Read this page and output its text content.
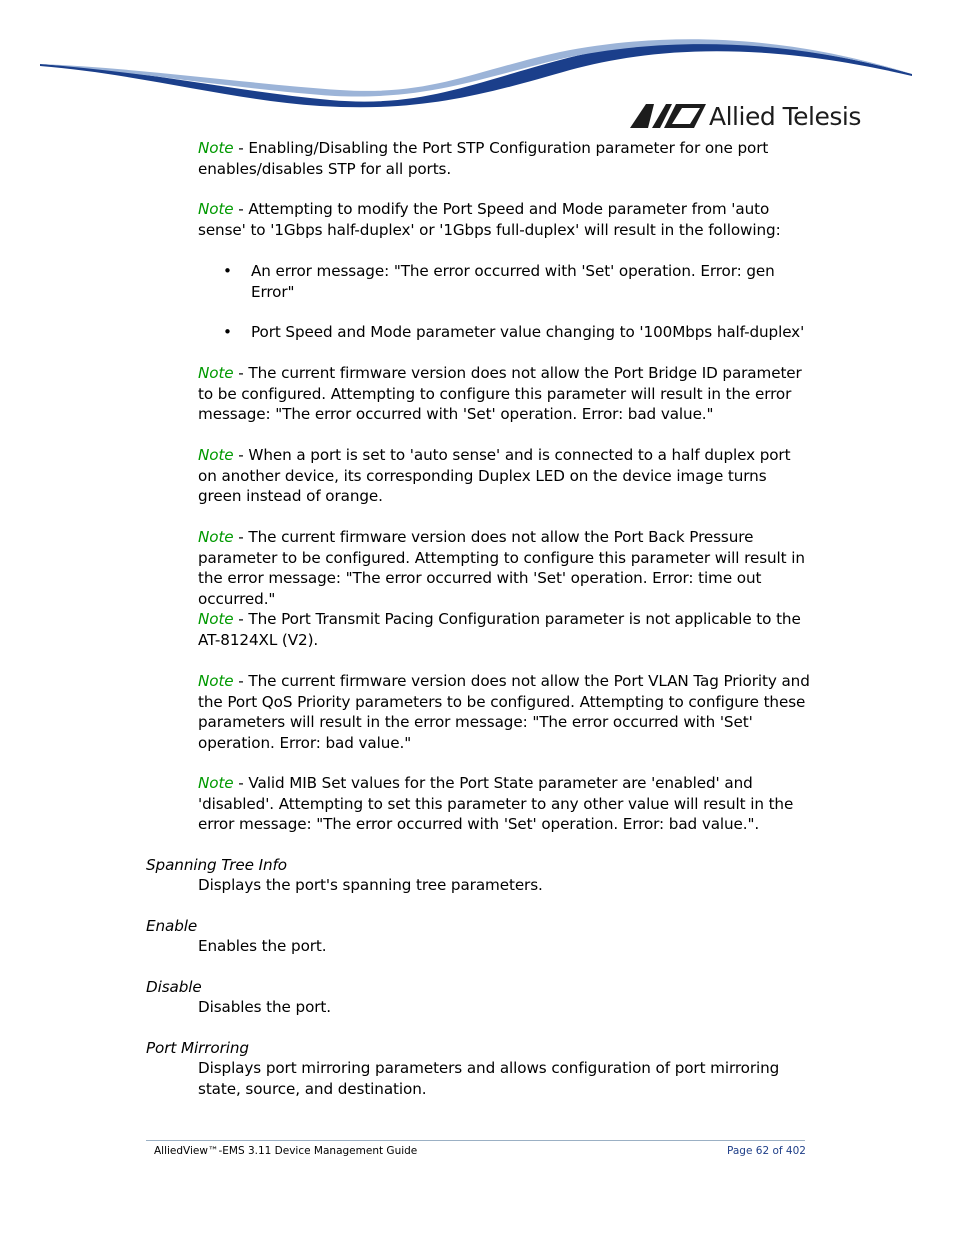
Allied Telesis
Note - Enabling/Disabling the Port STP Configuration parameter for one port enables/disables STP for all ports.
Note - Attempting to modify the Port Speed and Mode parameter from 'auto sense' to '1Gbps half-duplex' or '1Gbps full-duplex' will result in the following:
• An error message: "The error occurred with 'Set' operation. Error: gen Error"
• Port Speed and Mode parameter value changing to '100Mbps half-duplex'
Note - The current firmware version does not allow the Port Bridge ID parameter to be configured. Attempting to configure this parameter will result in the error message: "The error occurred with 'Set' operation. Error: bad value."
Note - When a port is set to 'auto sense' and is connected to a half duplex port on another device, its corresponding Duplex LED on the device image turns green instead of orange.
Note - The current firmware version does not allow the Port Back Pressure parameter to be configured. Attempting to configure this parameter will result in the error message: "The error occurred with 'Set' operation. Error: time out occurred."
Note - The Port Transmit Pacing Configuration parameter is not applicable to the AT-8124XL (V2).
Note - The current firmware version does not allow the Port VLAN Tag Priority and the Port QoS Priority parameters to be configured. Attempting to configure these parameters will result in the error message: "The error occurred with 'Set' operation. Error: bad value."
Note - Valid MIB Set values for the Port State parameter are 'enabled' and 'disabled'. Attempting to set this parameter to any other value will result in the error message: "The error occurred with 'Set' operation. Error: bad value.".
Spanning Tree Info
Displays the port's spanning tree parameters.
Enable
Enables the port.
Disable
Disables the port.
Port Mirroring
Displays port mirroring parameters and allows configuration of port mirroring state, source, and destination.
AlliedView™-EMS 3.11 Device Management Guide	Page 62 of 402
